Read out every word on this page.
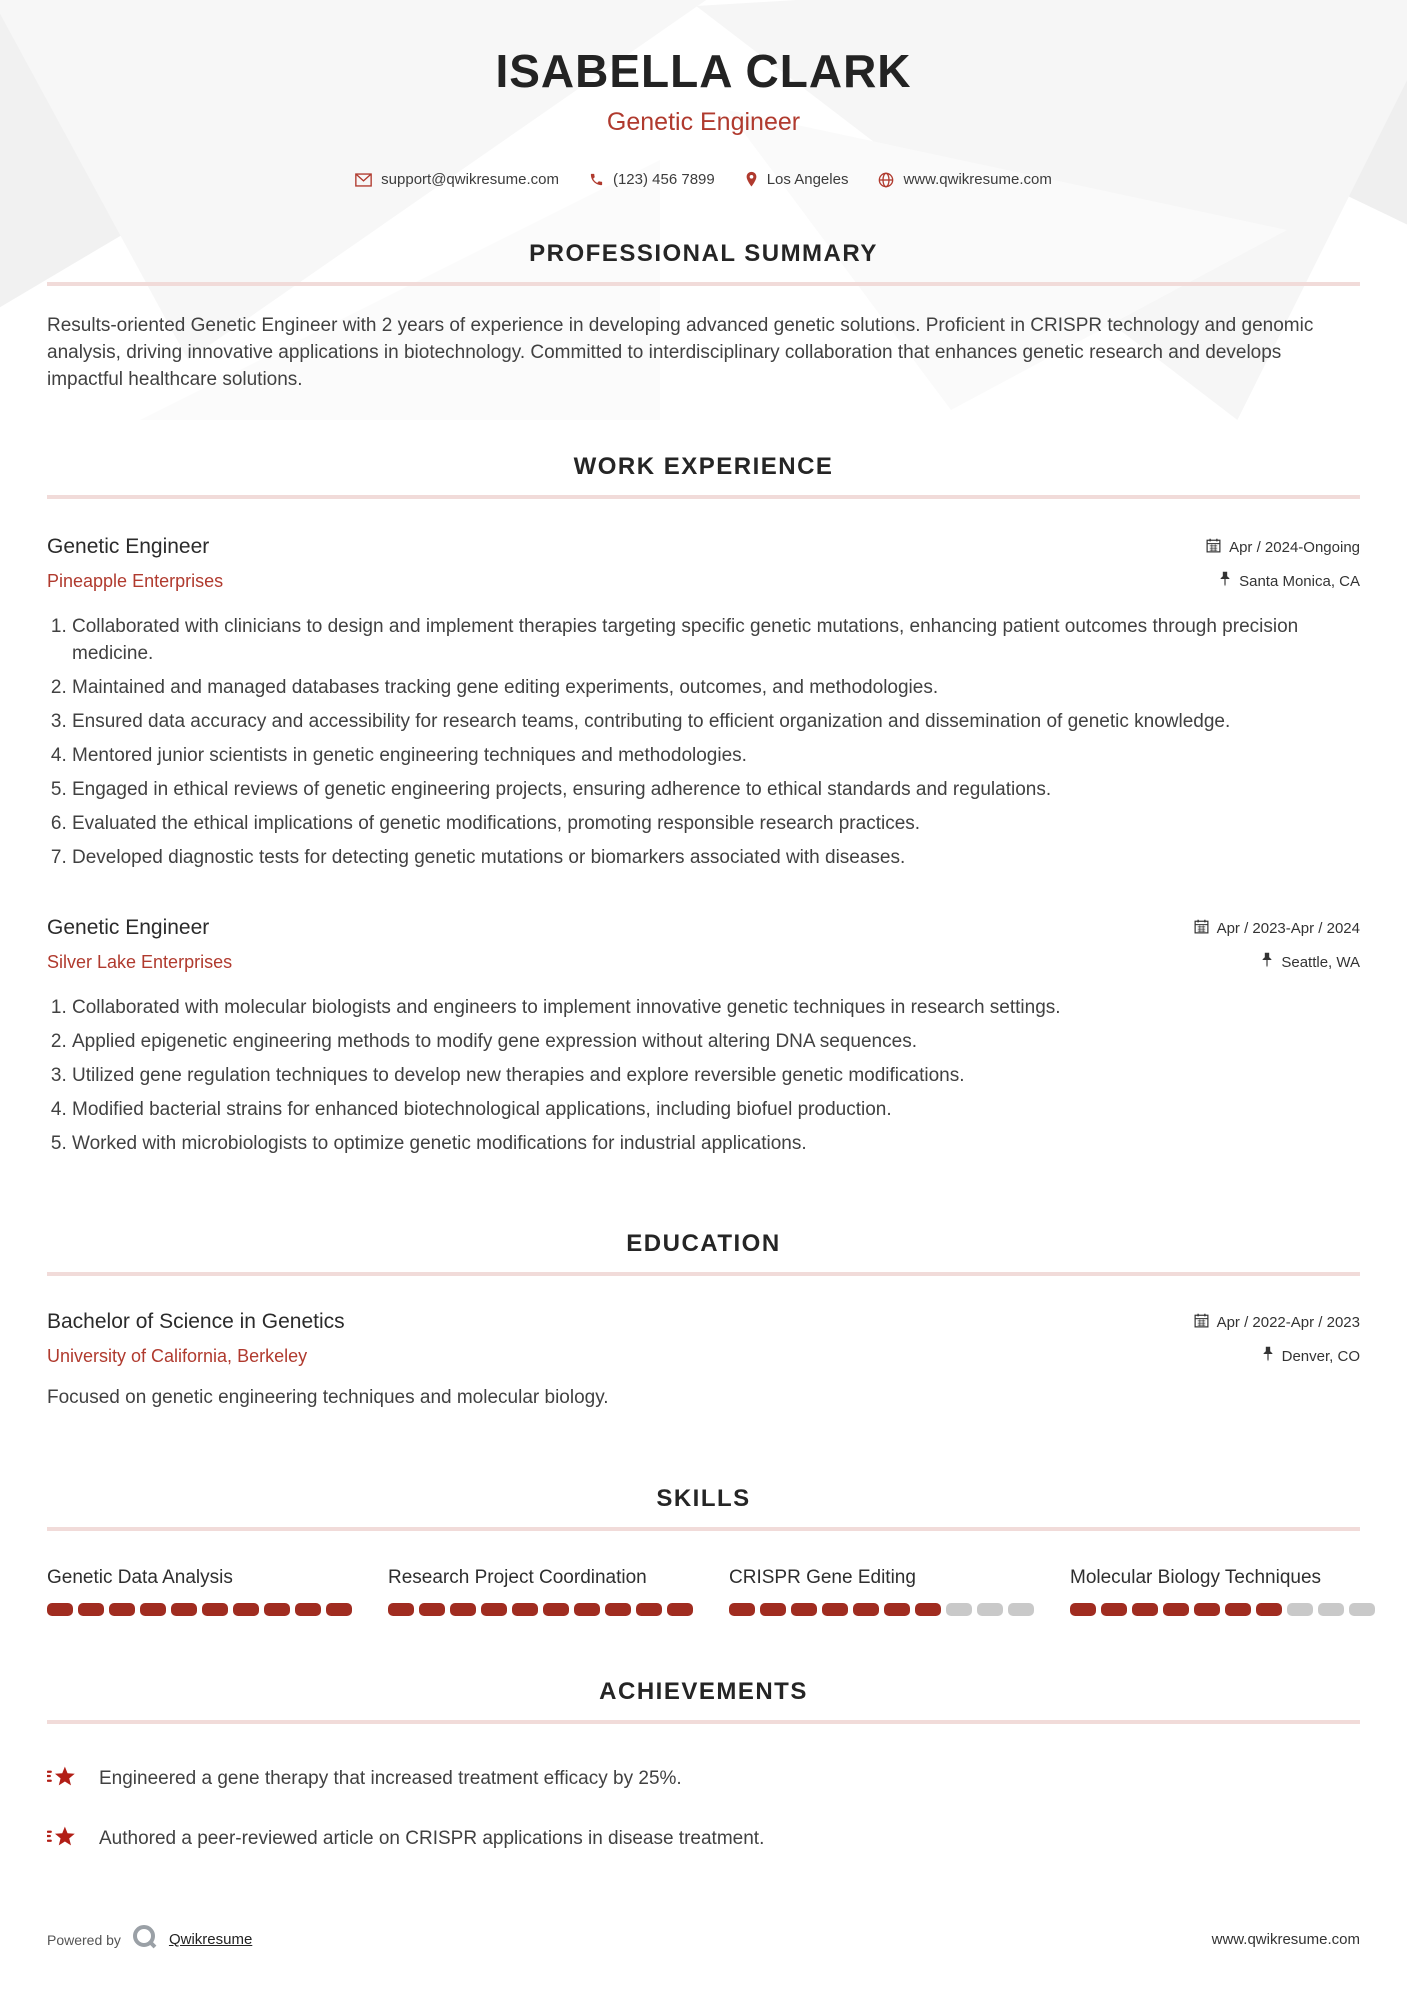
ISABELLA CLARK
Genetic Engineer
support@qwikresume.com	(123) 456 7899	Los Angeles	www.qwikresume.com
PROFESSIONAL SUMMARY

Results-oriented Genetic Engineer with 2 years of experience in developing advanced genetic solutions. Proficient in CRISPR technology and genomic analysis, driving innovative applications in biotechnology. Committed to interdisciplinary collaboration that enhances genetic research and develops impactful healthcare solutions.

WORK EXPERIENCE
Genetic Engineer	Apr / 2024-Ongoing
Pineapple Enterprises	Santa Monica, CA
1. Collaborated with clinicians to design and implement therapies targeting specific genetic mutations, enhancing patient outcomes through precision medicine.
2. Maintained and managed databases tracking gene editing experiments, outcomes, and methodologies.
3. Ensured data accuracy and accessibility for research teams, contributing to efficient organization and dissemination of genetic knowledge.
4. Mentored junior scientists in genetic engineering techniques and methodologies.
5. Engaged in ethical reviews of genetic engineering projects, ensuring adherence to ethical standards and regulations.
6. Evaluated the ethical implications of genetic modifications, promoting responsible research practices.
7. Developed diagnostic tests for detecting genetic mutations or biomarkers associated with diseases.
Genetic Engineer	Apr / 2023-Apr / 2024
Silver Lake Enterprises	Seattle, WA
1. Collaborated with molecular biologists and engineers to implement innovative genetic techniques in research settings.
2. Applied epigenetic engineering methods to modify gene expression without altering DNA sequences.
3. Utilized gene regulation techniques to develop new therapies and explore reversible genetic modifications.
4. Modified bacterial strains for enhanced biotechnological applications, including biofuel production.
5. Worked with microbiologists to optimize genetic modifications for industrial applications.
EDUCATION
Bachelor of Science in Genetics	Apr / 2022-Apr / 2023
University of California, Berkeley	Denver, CO

Focused on genetic engineering techniques and molecular biology.

SKILLS
Genetic Data Analysis	Research Project Coordination	CRISPR Gene Editing	Molecular Biology Techniques
ACHIEVEMENTS
Engineered a gene therapy that increased treatment efficacy by 25%.
Authored a peer-reviewed article on CRISPR applications in disease treatment.
Powered by	Qwikresume	www.qwikresume.com
